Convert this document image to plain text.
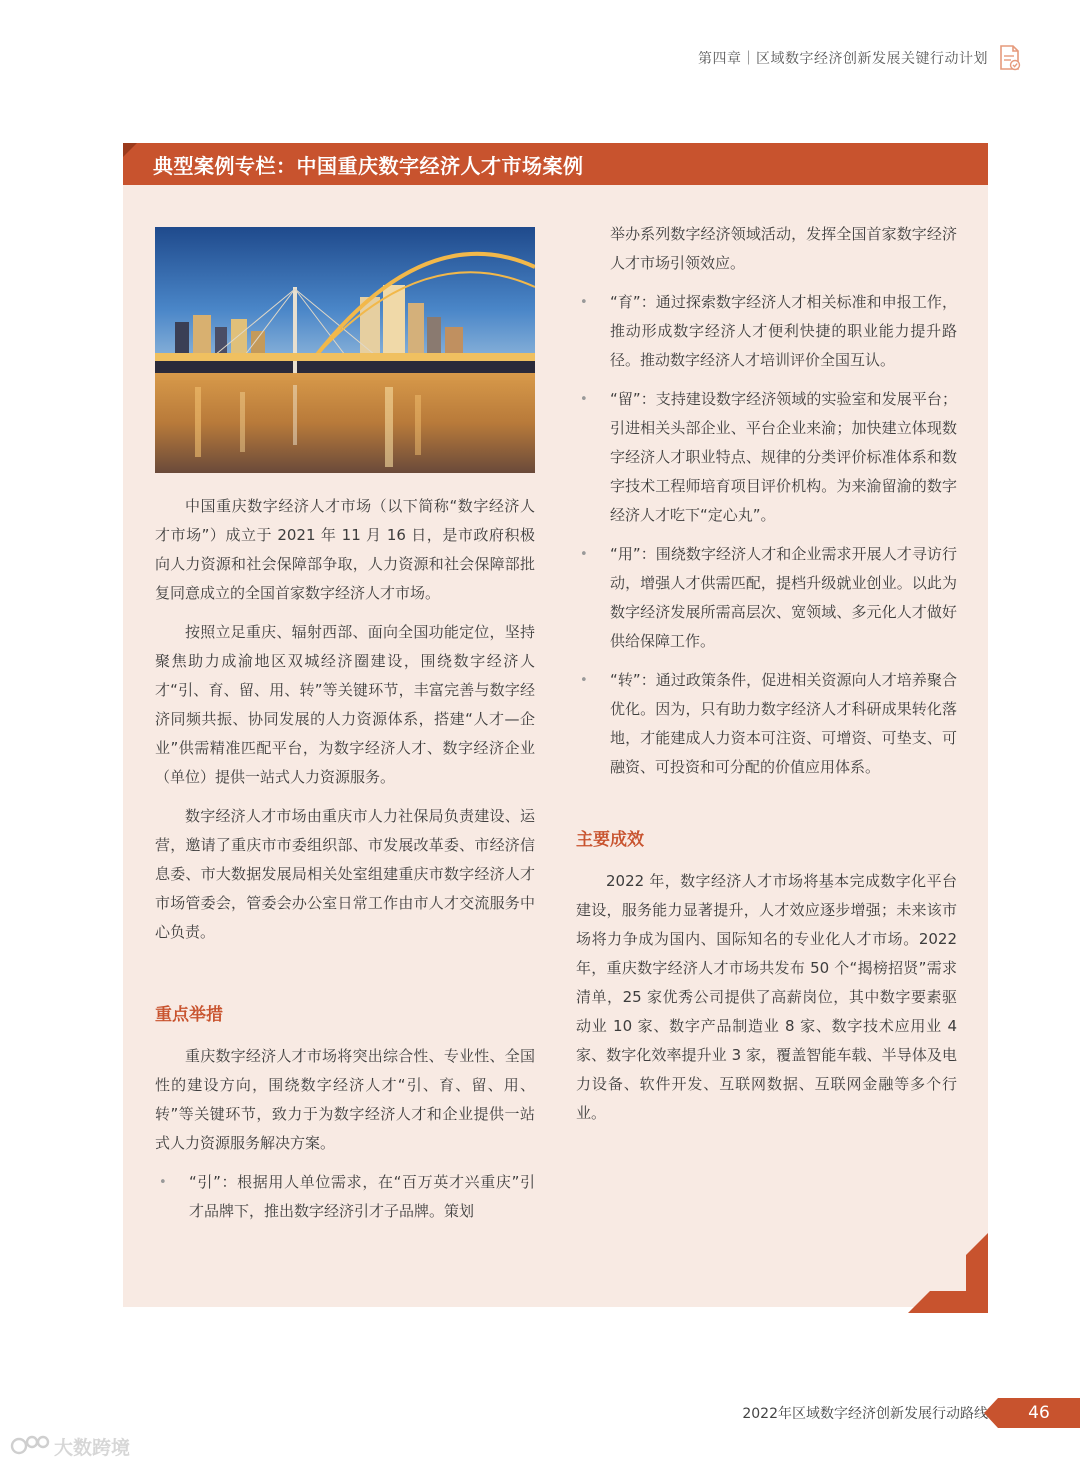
第四章｜区域数字经济创新发展关键行动计划
典型案例专栏：中国重庆数字经济人才市场案例

中国重庆数字经济人才市场（以下简称“数字经济人才市场”）成立于 2021 年 11 月 16 日，是市政府积极向人力资源和社会保障部争取，人力资源和社会保障部批复同意成立的全国首家数字经济人才市场。

按照立足重庆、辐射西部、面向全国功能定位，坚持聚焦助力成渝地区双城经济圈建设，围绕数字经济人才“引、育、留、用、转”等关键环节，丰富完善与数字经济同频共振、协同发展的人力资源体系，搭建“人才—企业”供需精准匹配平台，为数字经济人才、数字经济企业（单位）提供一站式人力资源服务。

数字经济人才市场由重庆市人力社保局负责建设、运营，邀请了重庆市市委组织部、市发展改革委、市经济信息委、市大数据发展局相关处室组建重庆市数字经济人才市场管委会，管委会办公室日常工作由市人才交流服务中心负责。

重点举措

重庆数字经济人才市场将突出综合性、专业性、全国性的建设方向，围绕数字经济人才“引、育、留、用、转”等关键环节，致力于为数字经济人才和企业提供一站式人力资源服务解决方案。

• “引”：根据用人单位需求，在“百万英才兴重庆”引才品牌下，推出数字经济引才子品牌。策划
举办系列数字经济领域活动，发挥全国首家数字经济人才市场引领效应。
• “育”：通过探索数字经济人才相关标准和申报工作，推动形成数字经济人才便利快捷的职业能力提升路径。推动数字经济人才培训评价全国互认。
• “留”：支持建设数字经济领域的实验室和发展平台；引进相关头部企业、平台企业来渝；加快建立体现数字经济人才职业特点、规律的分类评价标准体系和数字技术工程师培育项目评价机构。为来渝留渝的数字经济人才吃下“定心丸”。
• “用”：围绕数字经济人才和企业需求开展人才寻访行动，增强人才供需匹配，提档升级就业创业。以此为数字经济发展所需高层次、宽领域、多元化人才做好供给保障工作。
• “转”：通过政策条件，促进相关资源向人才培养聚合优化。因为，只有助力数字经济人才科研成果转化落地，才能建成人力资本可注资、可增资、可垫支、可融资、可投资和可分配的价值应用体系。
主要成效

2022 年，数字经济人才市场将基本完成数字化平台建设，服务能力显著提升，人才效应逐步增强；未来该市场将力争成为国内、国际知名的专业化人才市场。2022 年，重庆数字经济人才市场共发布 50 个“揭榜招贤”需求清单，25 家优秀公司提供了高薪岗位，其中数字要素驱动业 10 家、数字产品制造业 8 家、数字技术应用业 4 家、数字化效率提升业 3 家，覆盖智能车载、半导体及电力设备、软件开发、互联网数据、互联网金融等多个行业。

2022年区域数字经济创新发展行动路线	46
大数跨境
